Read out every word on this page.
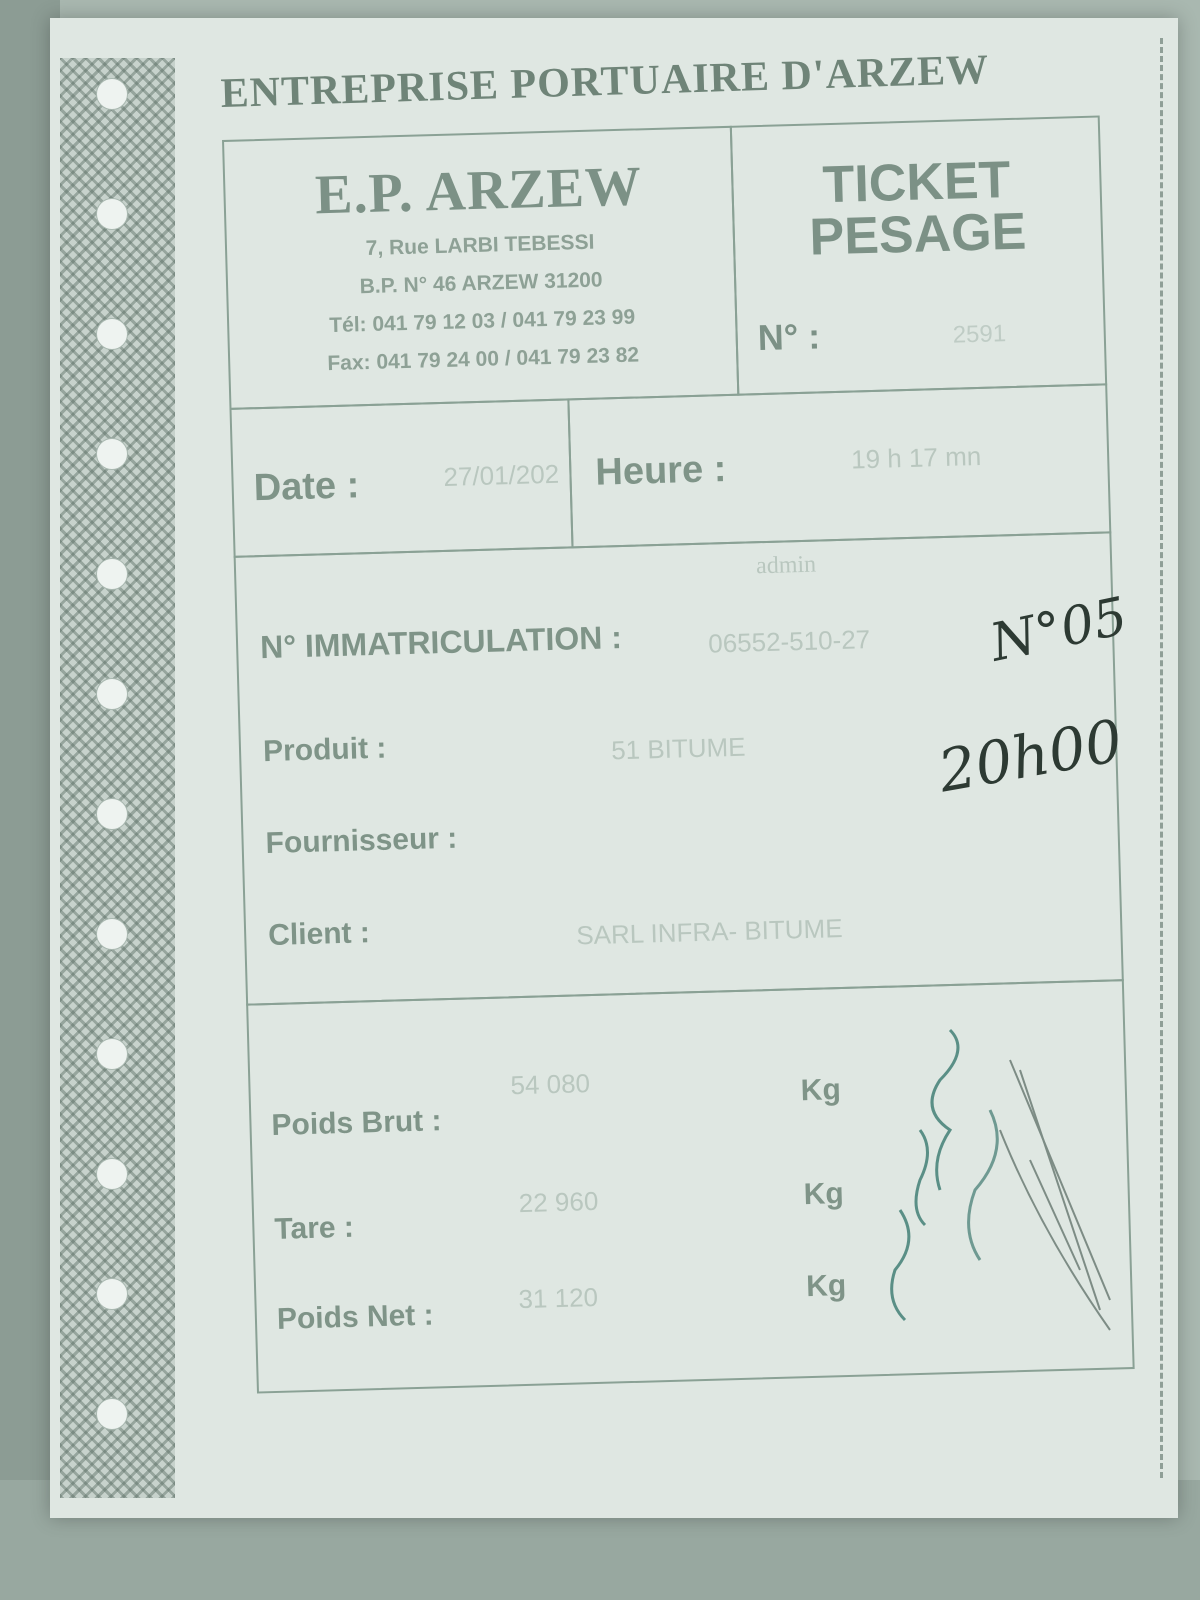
ENTREPRISE PORTUAIRE D'ARZEW
E.P. ARZEW
7, Rue LARBI TEBESSI
B.P. N° 46 ARZEW 31200
Tél: 041 79 12 03 / 041 79 23 99
Fax: 041 79 24 00 / 041 79 23 82
TICKET
PESAGE
N° :	2591
Date :	27/01/202 Heure :	19 h 17 mn
admin
N° IMMATRICULATION :	06552-510-27
Produit :	51 BITUME
Fournisseur :
Client :	SARL INFRA- BITUME
Poids Brut :
54 080	Kg
Tare :
22 960	Kg
Poids Net :
31 120	Kg
N°05
20h00
